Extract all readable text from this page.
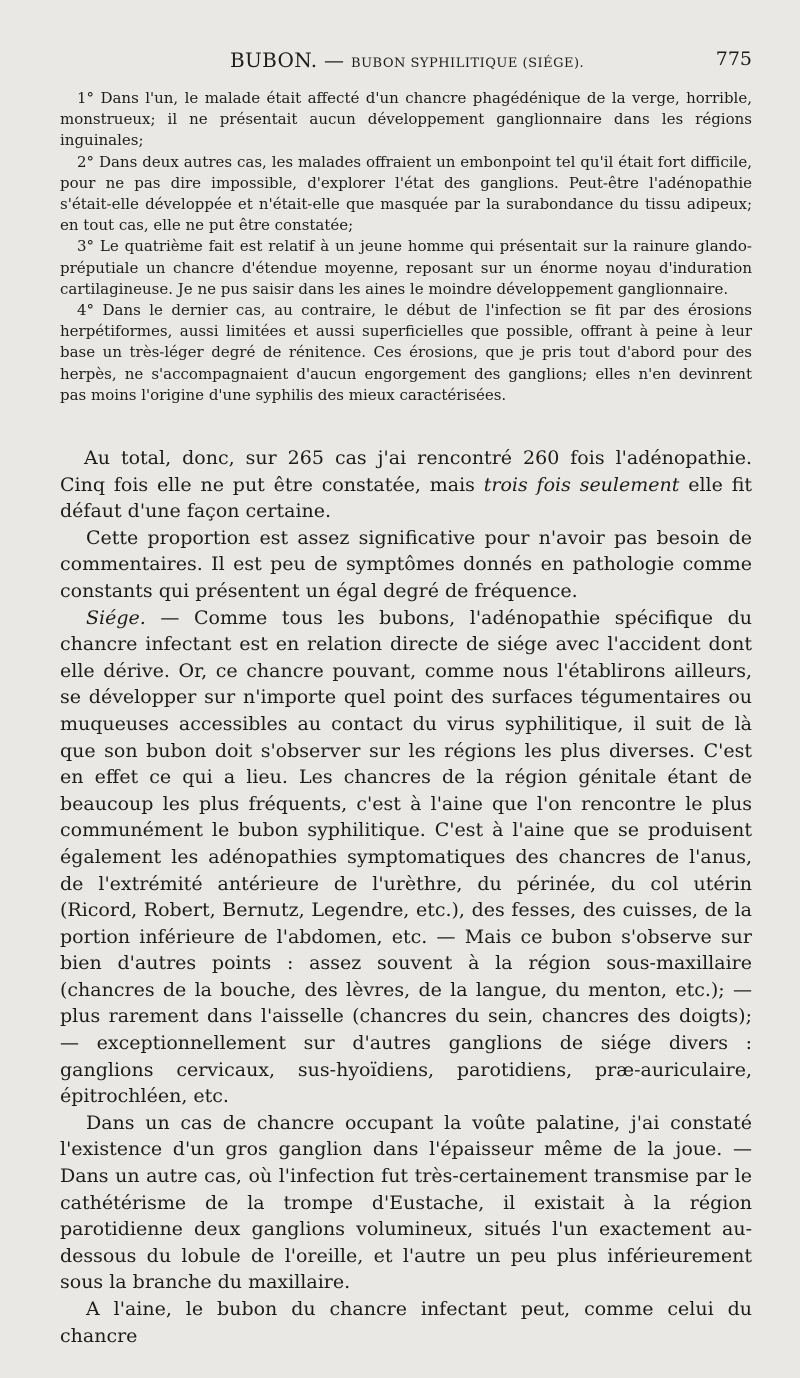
BUBON. — BUBON SYPHILITIQUE (SIÉGE).	775

1° Dans l'un, le malade était affecté d'un chancre phagédénique de la verge, horrible, monstrueux; il ne présentait aucun développement ganglionnaire dans les régions inguinales;

2° Dans deux autres cas, les malades offraient un embonpoint tel qu'il était fort difficile, pour ne pas dire impossible, d'explorer l'état des ganglions. Peut-être l'adénopathie s'était-elle développée et n'était-elle que masquée par la surabondance du tissu adipeux; en tout cas, elle ne put être constatée;

3° Le quatrième fait est relatif à un jeune homme qui présentait sur la rainure glando-préputiale un chancre d'étendue moyenne, reposant sur un énorme noyau d'induration cartilagineuse. Je ne pus saisir dans les aines le moindre développement ganglionnaire.

4° Dans le dernier cas, au contraire, le début de l'infection se fit par des érosions herpétiformes, aussi limitées et aussi superficielles que possible, offrant à peine à leur base un très-léger degré de rénitence. Ces érosions, que je pris tout d'abord pour des herpès, ne s'accompagnaient d'aucun engorgement des ganglions; elles n'en devinrent pas moins l'origine d'une syphilis des mieux caractérisées.

Au total, donc, sur 265 cas j'ai rencontré 260 fois l'adénopathie. Cinq fois elle ne put être constatée, mais trois fois seulement elle fit défaut d'une façon certaine.

Cette proportion est assez significative pour n'avoir pas besoin de commentaires. Il est peu de symptômes donnés en pathologie comme constants qui présentent un égal degré de fréquence.

Siége. — Comme tous les bubons, l'adénopathie spécifique du chancre infectant est en relation directe de siége avec l'accident dont elle dérive. Or, ce chancre pouvant, comme nous l'établirons ailleurs, se développer sur n'importe quel point des surfaces tégumentaires ou muqueuses accessibles au contact du virus syphilitique, il suit de là que son bubon doit s'observer sur les régions les plus diverses. C'est en effet ce qui a lieu. Les chancres de la région génitale étant de beaucoup les plus fréquents, c'est à l'aine que l'on rencontre le plus communément le bubon syphilitique. C'est à l'aine que se produisent également les adénopathies symptomatiques des chancres de l'anus, de l'extrémité antérieure de l'urèthre, du périnée, du col utérin (Ricord, Robert, Bernutz, Legendre, etc.), des fesses, des cuisses, de la portion inférieure de l'abdomen, etc. — Mais ce bubon s'observe sur bien d'autres points : assez souvent à la région sous-maxillaire (chancres de la bouche, des lèvres, de la langue, du menton, etc.); — plus rarement dans l'aisselle (chancres du sein, chancres des doigts); — exceptionnellement sur d'autres ganglions de siége divers : ganglions cervicaux, sus-hyoïdiens, parotidiens, præ-auriculaire, épitrochléen, etc.

Dans un cas de chancre occupant la voûte palatine, j'ai constaté l'existence d'un gros ganglion dans l'épaisseur même de la joue. — Dans un autre cas, où l'infection fut très-certainement transmise par le cathétérisme de la trompe d'Eustache, il existait à la région parotidienne deux ganglions volumineux, situés l'un exactement au-dessous du lobule de l'oreille, et l'autre un peu plus inférieurement sous la branche du maxillaire.

A l'aine, le bubon du chancre infectant peut, comme celui du chancre
